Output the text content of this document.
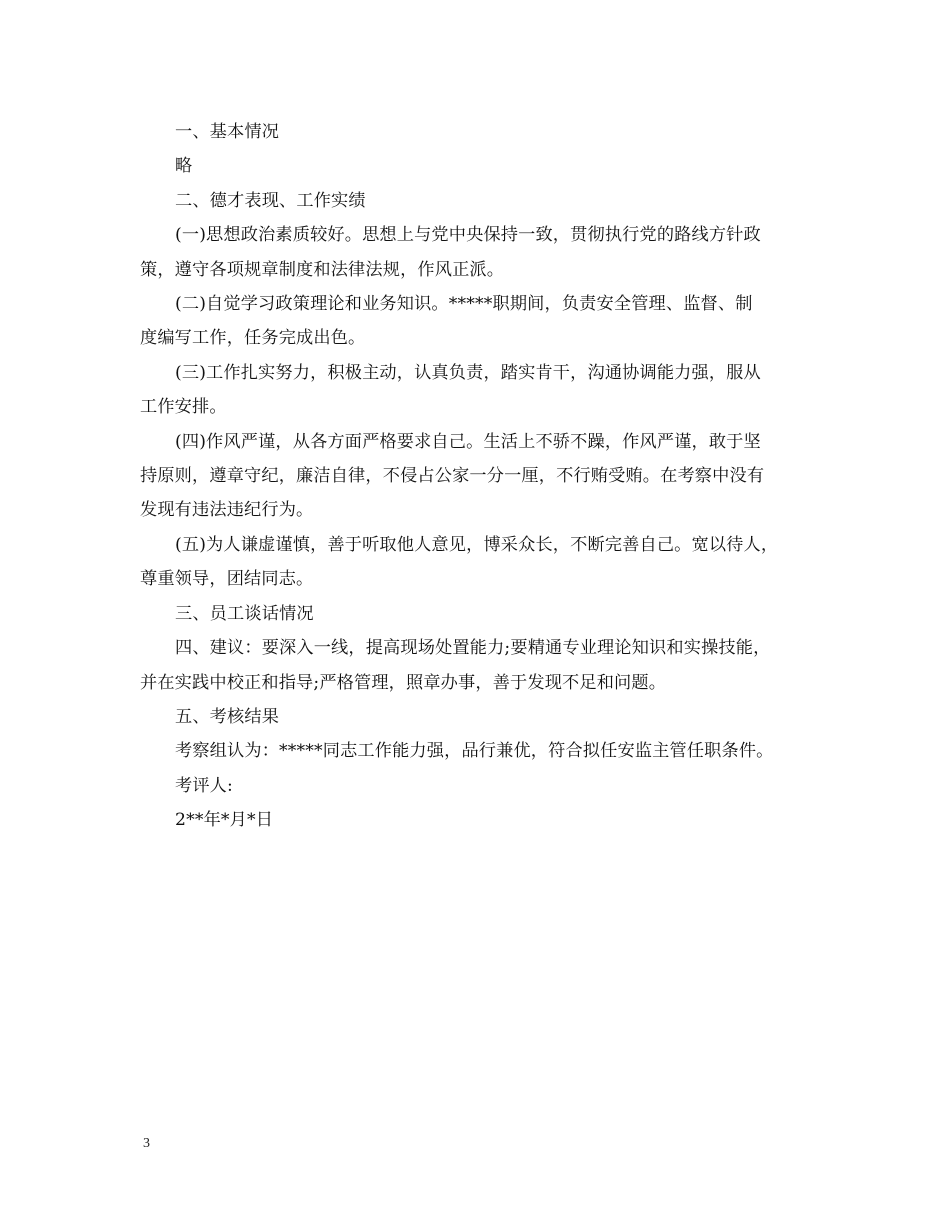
一、基本情况
略
二、德才表现、工作实绩
(一)思想政治素质较好。思想上与党中央保持一致，贯彻执行党的路线方针政
策，遵守各项规章制度和法律法规，作风正派。
(二)自觉学习政策理论和业务知识。*****职期间，负责安全管理、监督、制
度编写工作，任务完成出色。
(三)工作扎实努力，积极主动，认真负责，踏实肯干，沟通协调能力强，服从
工作安排。
(四)作风严谨，从各方面严格要求自己。生活上不骄不躁，作风严谨，敢于坚
持原则，遵章守纪，廉洁自律，不侵占公家一分一厘，不行贿受贿。在考察中没有
发现有违法违纪行为。
(五)为人谦虚谨慎，善于听取他人意见，博采众长，不断完善自己。宽以待人，
尊重领导，团结同志。
三、员工谈话情况
四、建议：要深入一线，提高现场处置能力;要精通专业理论知识和实操技能，
并在实践中校正和指导;严格管理，照章办事，善于发现不足和问题。
五、考核结果
考察组认为：*****同志工作能力强，品行兼优，符合拟任安监主管任职条件。
考评人:
2**年*月*日
3
